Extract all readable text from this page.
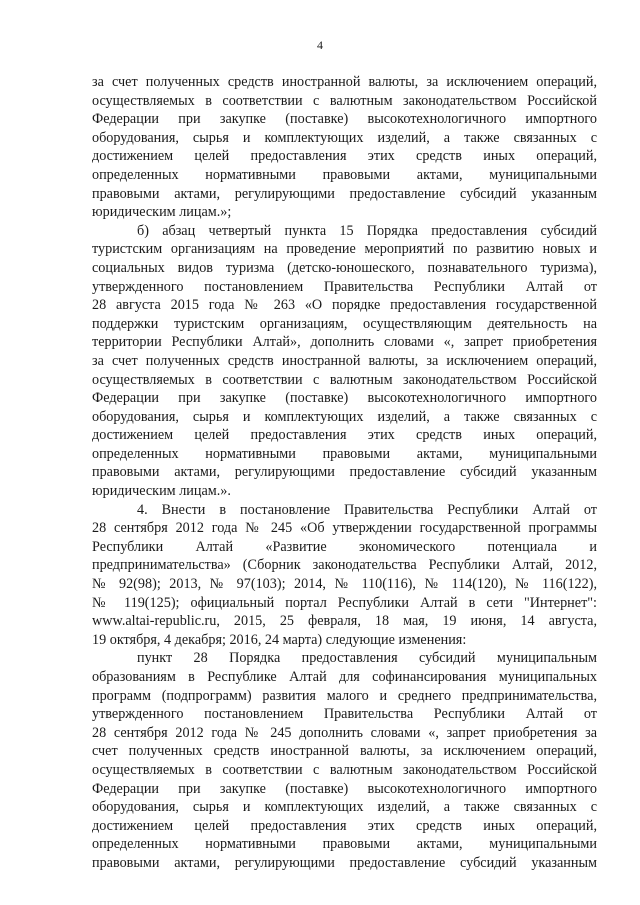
4
за счет полученных средств иностранной валюты, за исключением операций,
осуществляемых в соответствии с валютным законодательством Российской
Федерации при закупке (поставке) высокотехнологичного импортного
оборудования, сырья и комплектующих изделий, а также связанных с
достижением целей предоставления этих средств иных операций,
определенных нормативными правовыми актами, муниципальными
правовыми актами, регулирующими предоставление субсидий указанным
юридическим лицам.»;
б) абзац четвертый пункта 15 Порядка предоставления субсидий
туристским организациям на проведение мероприятий по развитию новых и
социальных видов туризма (детско-юношеского, познавательного туризма),
утвержденного постановлением Правительства Республики Алтай от
28 августа 2015 года № 263 «О порядке предоставления государственной
поддержки туристским организациям, осуществляющим деятельность на
территории Республики Алтай», дополнить словами «, запрет приобретения
за счет полученных средств иностранной валюты, за исключением операций,
осуществляемых в соответствии с валютным законодательством Российской
Федерации при закупке (поставке) высокотехнологичного импортного
оборудования, сырья и комплектующих изделий, а также связанных с
достижением целей предоставления этих средств иных операций,
определенных нормативными правовыми актами, муниципальными
правовыми актами, регулирующими предоставление субсидий указанным
юридическим лицам.».
4. Внести в постановление Правительства Республики Алтай от
28 сентября 2012 года № 245 «Об утверждении государственной программы
Республики Алтай «Развитие экономического потенциала и
предпринимательства» (Сборник законодательства Республики Алтай, 2012,
№ 92(98); 2013, № 97(103); 2014, № 110(116), № 114(120), № 116(122),
№ 119(125); официальный портал Республики Алтай в сети "Интернет":
www.altai-republic.ru, 2015, 25 февраля, 18 мая, 19 июня, 14 августа,
19 октября, 4 декабря; 2016, 24 марта) следующие изменения:
пункт 28 Порядка предоставления субсидий муниципальным
образованиям в Республике Алтай для софинансирования муниципальных
программ (подпрограмм) развития малого и среднего предпринимательства,
утвержденного постановлением Правительства Республики Алтай от
28 сентября 2012 года № 245 дополнить словами «, запрет приобретения за
счет полученных средств иностранной валюты, за исключением операций,
осуществляемых в соответствии с валютным законодательством Российской
Федерации при закупке (поставке) высокотехнологичного импортного
оборудования, сырья и комплектующих изделий, а также связанных с
достижением целей предоставления этих средств иных операций,
определенных нормативными правовыми актами, муниципальными
правовыми актами, регулирующими предоставление субсидий указанным
